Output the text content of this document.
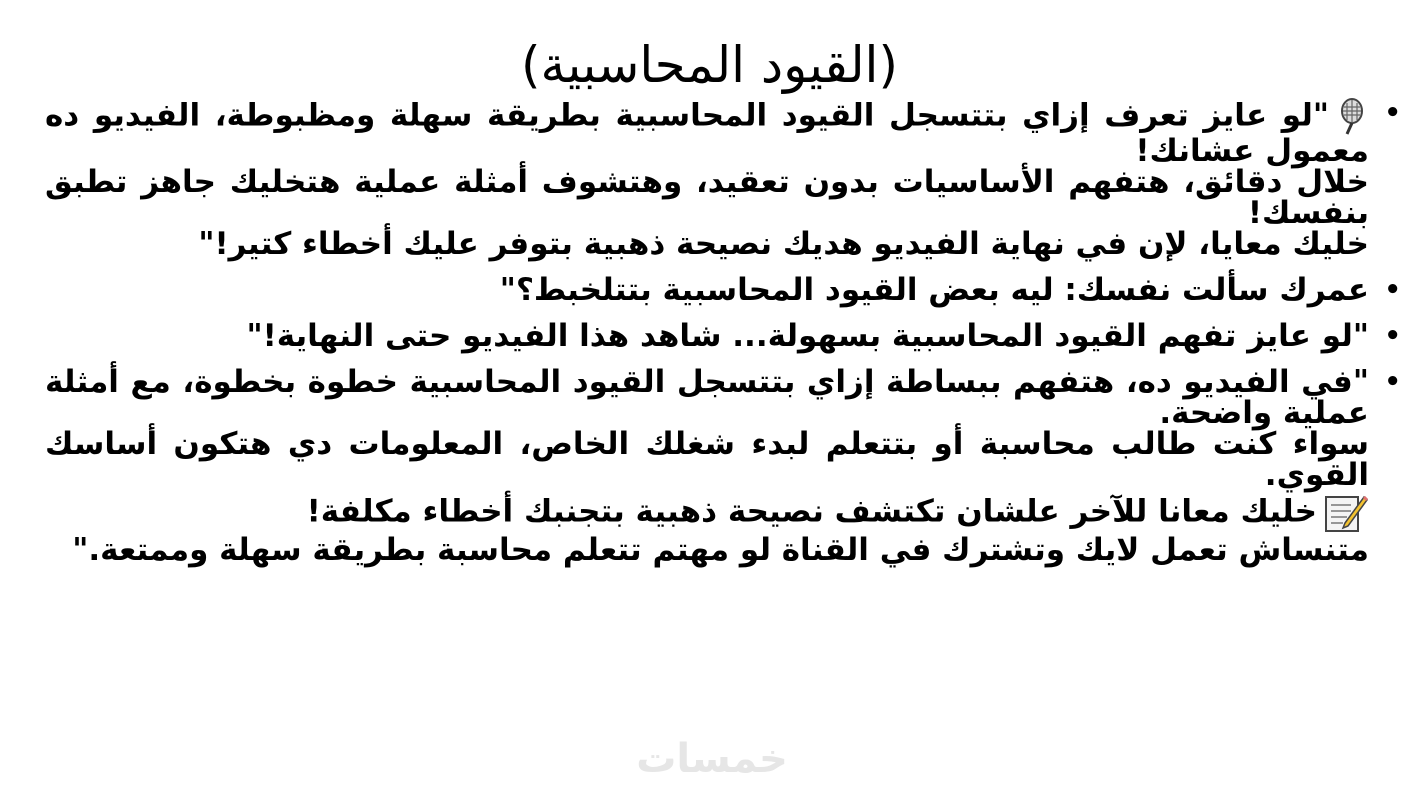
(القيود المحاسبية)
•
"لو عايز تعرف إزاي بتتسجل القيود المحاسبية بطريقة سهلة ومظبوطة، الفيديو ده معمول عشانك!
خلال دقائق، هتفهم الأساسيات بدون تعقيد، وهتشوف أمثلة عملية هتخليك جاهز تطبق بنفسك!
خليك معايا، لإن في نهاية الفيديو هديك نصيحة ذهبية بتوفر عليك أخطاء كتير!"
•
عمرك سألت نفسك: ليه بعض القيود المحاسبية بتتلخبط؟"
•
"لو عايز تفهم القيود المحاسبية بسهولة... شاهد هذا الفيديو حتى النهاية!"
•
"في الفيديو ده، هتفهم ببساطة إزاي بتتسجل القيود المحاسبية خطوة بخطوة، مع أمثلة عملية واضحة.
سواء كنت طالب محاسبة أو بتتعلم لبدء شغلك الخاص، المعلومات دي هتكون أساسك القوي.
خليك معانا للآخر علشان تكتشف نصيحة ذهبية بتجنبك أخطاء مكلفة!
متنساش تعمل لايك وتشترك في القناة لو مهتم تتعلم محاسبة بطريقة سهلة وممتعة."
خمسات
